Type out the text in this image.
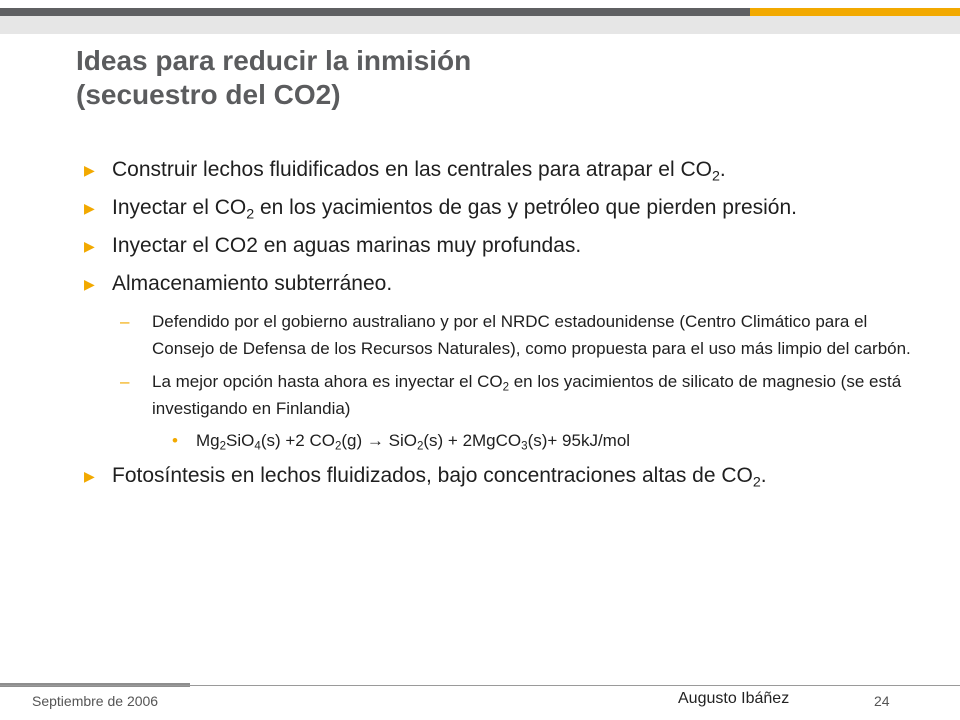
Ideas para reducir la inmisión
(secuestro del CO2)
▶ Construir lechos fluidificados en las centrales para atrapar el $CO_2$.
▶ Inyectar el $CO_2$ en los yacimientos de gas y petróleo que pierden presión.
▶ Inyectar el CO2 en aguas marinas muy profundas.
▶ Almacenamiento subterráneo.
– Defendido por el gobierno australiano y por el NRDC estadounidense (Centro Climático para el Consejo de Defensa de los Recursos Naturales), como propuesta para el uso más limpio del carbón.
– La mejor opción hasta ahora es inyectar el $CO_2$ en los yacimientos de silicato de magnesio (se está investigando en Finlandia)
• $Mg_2SiO_4(s) +2$ $CO_2(g) \to SiO_2(s)$ + 2MgCO$_3$(s)+ 95kJ/mol
▶ Fotosíntesis en lechos fluidizados, bajo concentraciones altas de $CO_2$.
Septiembre de 2006	Augusto Ibáñez	24
